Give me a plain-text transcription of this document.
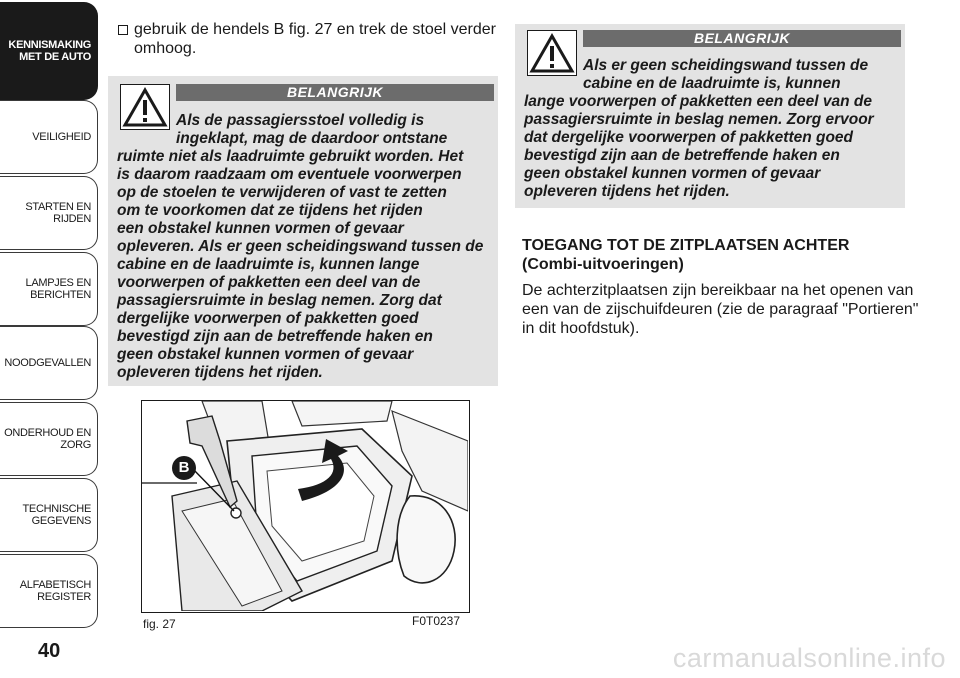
KENNISMAKING
MET DE AUTO
VEILIGHEID
STARTEN EN RIJDEN
LAMPJES EN
BERICHTEN
NOODGEVALLEN
ONDERHOUD EN
ZORG
TECHNISCHE
GEGEVENS
ALFABETISCH
REGISTER
40
gebruik de hendels B fig. 27 en trek de stoel verder omhoog.
BELANGRIJK
Als de passagiersstoel volledig is
ingeklapt, mag de daardoor ontstane
ruimte niet als laadruimte gebruikt worden. Het
is daarom raadzaam om eventuele voorwerpen
op de stoelen te verwijderen of vast te zetten
om te voorkomen dat ze tijdens het rijden
een obstakel kunnen vormen of gevaar
opleveren. Als er geen scheidingswand tussen de
cabine en de laadruimte is, kunnen lange
voorwerpen of pakketten een deel van de
passagiersruimte in beslag nemen. Zorg dat
dergelijke voorwerpen of pakketten goed
bevestigd zijn aan de betreffende haken en
geen obstakel kunnen vormen of gevaar
opleveren tijdens het rijden.
B
fig. 27	F0T0237
BELANGRIJK
Als er geen scheidingswand tussen de
cabine en de laadruimte is, kunnen
lange voorwerpen of pakketten een deel van de
passagiersruimte in beslag nemen. Zorg ervoor
dat dergelijke voorwerpen of pakketten goed
bevestigd zijn aan de betreffende haken en
geen obstakel kunnen vormen of gevaar
opleveren tijdens het rijden.
TOEGANG TOT DE ZITPLAATSEN ACHTER
(Combi-uitvoeringen)
De achterzitplaatsen zijn bereikbaar na het openen van een van de zijschuifdeuren (zie de paragraaf "Portieren" in dit hoofdstuk).
carmanualsonline.info
